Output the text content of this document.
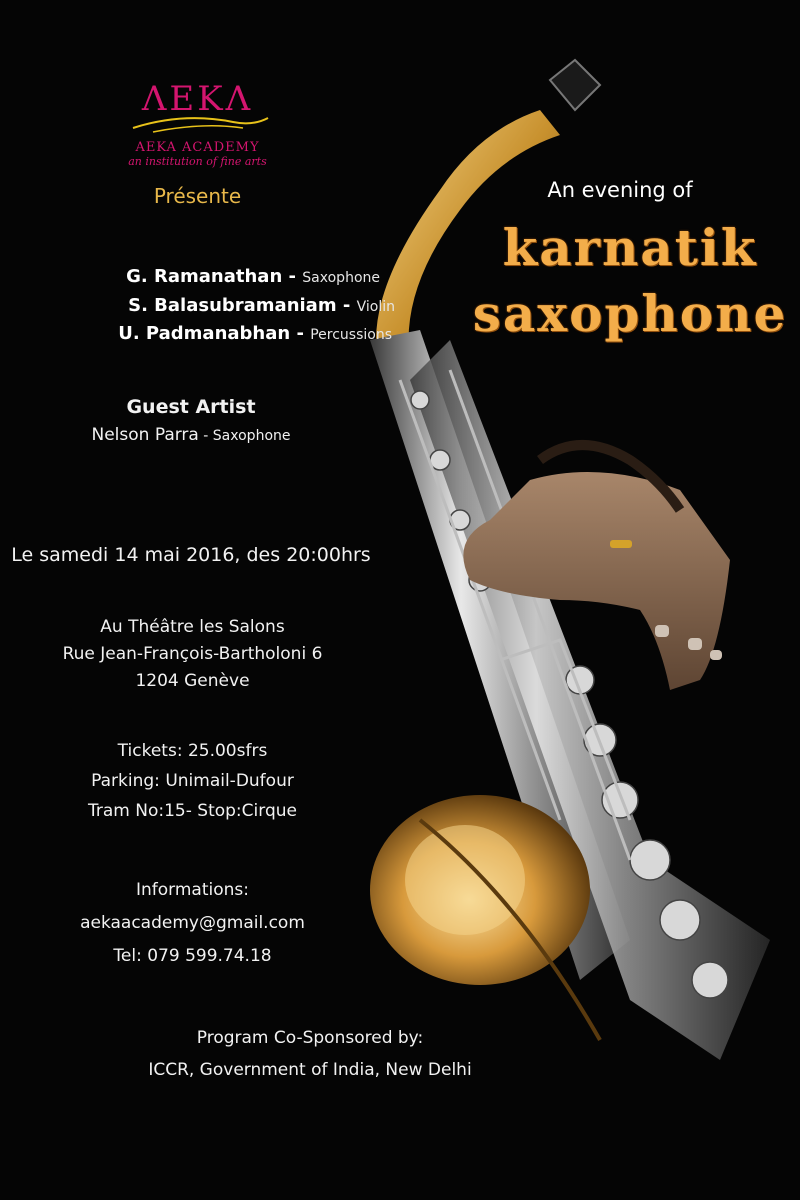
ΛΕΚΛ
AEKA ACADEMY
an institution of fine arts
Présente	An evening of
karnatik
saxophone
G. Ramanathan - Saxophone
S. Balasubramaniam - Violin
U. Padmanabhan - Percussions
Guest Artist
Nelson Parra - Saxophone
Le samedi 14 mai 2016, des 20:00hrs
Au Théâtre les Salons
Rue Jean-François-Bartholoni 6
1204 Genève
Tickets: 25.00sfrs
Parking: Unimail-Dufour
Tram No:15- Stop:Cirque
Informations:
aekaacademy@gmail.com
Tel: 079 599.74.18
Program Co-Sponsored by:
ICCR, Government of India, New Delhi
